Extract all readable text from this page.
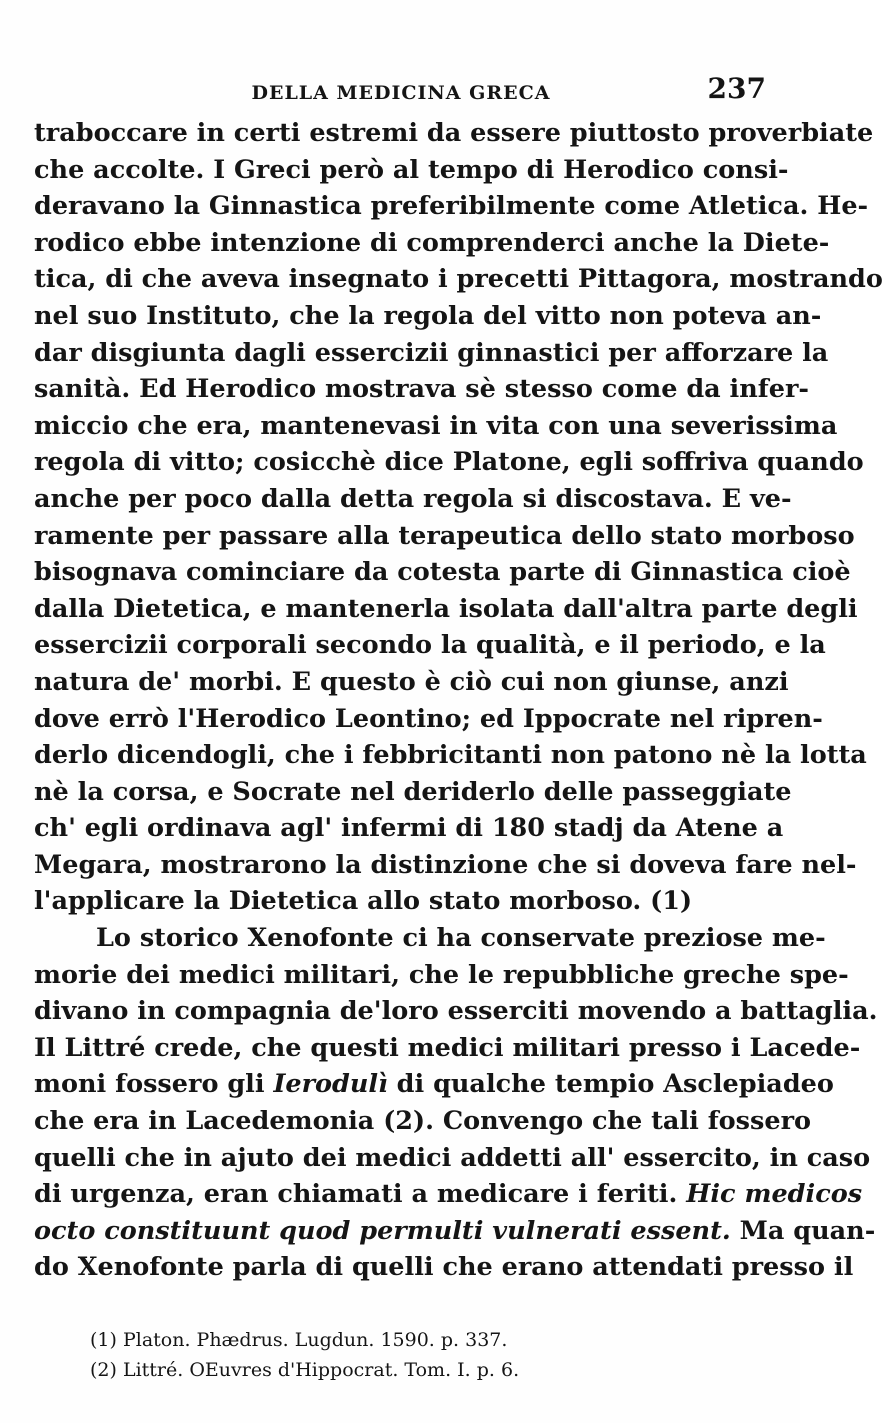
DELLA MEDICINA GRECA	237
traboccare in certi estremi da essere piuttosto proverbiate
che accolte. I Greci però al tempo di Herodico consi-
deravano la Ginnastica preferibilmente come Atletica. He-
rodico ebbe intenzione di comprenderci anche la Diete-
tica, di che aveva insegnato i precetti Pittagora, mostrando
nel suo Instituto, che la regola del vitto non poteva an-
dar disgiunta dagli essercizii ginnastici per afforzare la
sanità. Ed Herodico mostrava sè stesso come da infer-
miccio che era, mantenevasi in vita con una severissima
regola di vitto; cosicchè dice Platone, egli soffriva quando
anche per poco dalla detta regola si discostava. E ve-
ramente per passare alla terapeutica dello stato morboso
bisognava cominciare da cotesta parte di Ginnastica cioè
dalla Dietetica, e mantenerla isolata dall'altra parte degli
essercizii corporali secondo la qualità, e il periodo, e la
natura de' morbi. E questo è ciò cui non giunse, anzi
dove errò l'Herodico Leontino; ed Ippocrate nel ripren-
derlo dicendogli, che i febbricitanti non patono nè la lotta
nè la corsa, e Socrate nel deriderlo delle passeggiate
ch' egli ordinava agl' infermi di 180 stadj da Atene a
Megara, mostrarono la distinzione che si doveva fare nel-
l'applicare la Dietetica allo stato morboso. (1)
Lo storico Xenofonte ci ha conservate preziose me-
morie dei medici militari, che le repubbliche greche spe-
divano in compagnia de'loro esserciti movendo a battaglia.
Il Littré crede, che questi medici militari presso i Lacede-
moni fossero gli Ierodulì di qualche tempio Asclepiadeo
che era in Lacedemonia (2). Convengo che tali fossero
quelli che in ajuto dei medici addetti all' essercito, in caso
di urgenza, eran chiamati a medicare i feriti. Hic medicos
octo constituunt quod permulti vulnerati essent. Ma quan-
do Xenofonte parla di quelli che erano attendati presso il
(1) Platon. Phædrus. Lugdun. 1590. p. 337.
(2) Littré. OEuvres d'Hippocrat. Tom. I. p. 6.
